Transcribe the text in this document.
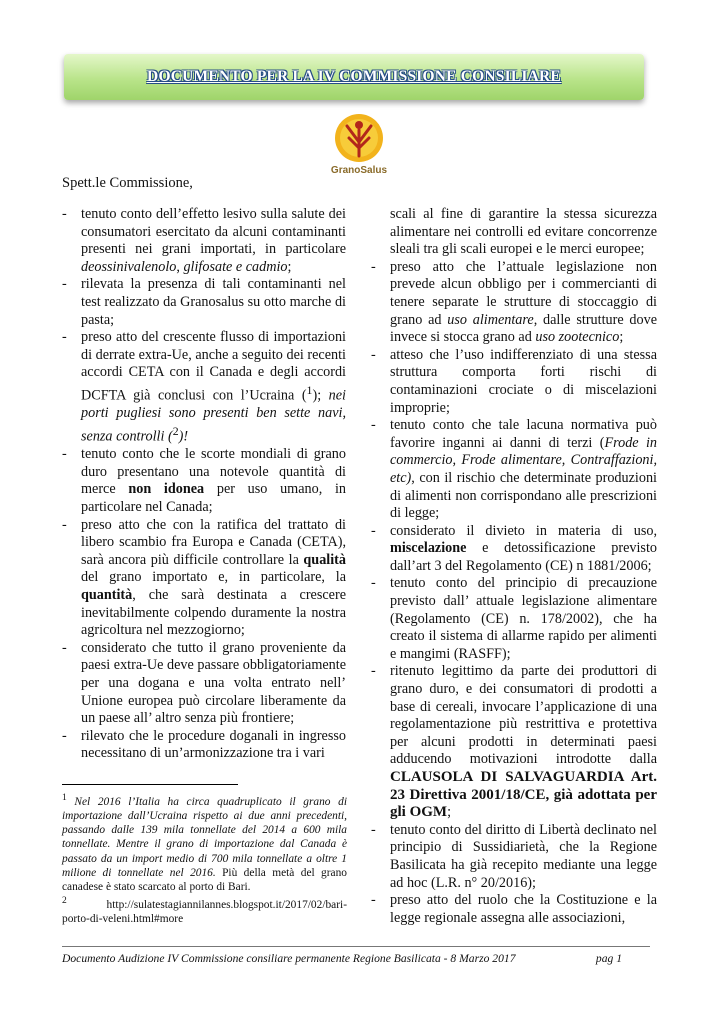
DOCUMENTO PER LA IV COMMISSIONE CONSILIARE
GranoSalus
Spett.le Commissione,
- tenuto conto dell’effetto lesivo sulla salute dei consumatori esercitato da alcuni contaminanti presenti nei grani importati, in particolare deossinivalenolo, glifosate e cadmio;
- rilevata la presenza di tali contaminanti nel test realizzato da Granosalus su otto marche di pasta;
- preso atto del crescente flusso di importazioni di derrate extra-Ue, anche a seguito dei recenti accordi CETA con il Canada e degli accordi DCFTA già conclusi con l’Ucraina ($^1$); nei porti pugliesi sono presenti ben sette navi, senza controlli ($^2$)!
- tenuto conto che le scorte mondiali di grano duro presentano una notevole quantità di merce non idonea per uso umano, in particolare nel Canada;
- preso atto che con la ratifica del trattato di libero scambio fra Europa e Canada (CETA), sarà ancora più difficile controllare la qualità del grano importato e, in particolare, la quantità, che sarà destinata a crescere inevitabilmente colpendo duramente la nostra agricoltura nel mezzogiorno;
- considerato che tutto il grano proveniente da paesi extra-Ue deve passare obbligatoriamente per una dogana e una volta entrato nell’ Unione europea può circolare liberamente da un paese all’ altro senza più frontiere;
- rilevato che le procedure doganali in ingresso necessitano di un’armonizzazione tra i vari
scali al fine di garantire la stessa sicurezza alimentare nei controlli ed evitare concorrenze sleali tra gli scali europei e le merci europee;
- preso atto che l’attuale legislazione non prevede alcun obbligo per i commercianti di tenere separate le strutture di stoccaggio di grano ad uso alimentare, dalle strutture dove invece si stocca grano ad uso zootecnico;
- atteso che l’uso indifferenziato di una stessa struttura comporta forti rischi di contaminazioni crociate o di miscelazioni improprie;
- tenuto conto che tale lacuna normativa può favorire inganni ai danni di terzi (Frode in commercio, Frode alimentare, Contraffazioni, etc), con il rischio che determinate produzioni di alimenti non corrispondano alle prescrizioni di legge;
- considerato il divieto in materia di uso, miscelazione e detossificazione previsto dall’art 3 del Regolamento (CE) n 1881/2006;
- tenuto conto del principio di precauzione previsto dall’ attuale legislazione alimentare (Regolamento (CE) n. 178/2002), che ha creato il sistema di allarme rapido per alimenti e mangimi (RASFF);
- ritenuto legittimo da parte dei produttori di grano duro, e dei consumatori di prodotti a base di cereali, invocare l’applicazione di una regolamentazione più restrittiva e protettiva per alcuni prodotti in determinati paesi adducendo motivazioni introdotte dalla CLAUSOLA DI SALVAGUARDIA Art. 23 Direttiva 2001/18/CE, già adottata per gli OGM;
- tenuto conto del diritto di Libertà declinato nel principio di Sussidiarietà, che la Regione Basilicata ha già recepito mediante una legge ad hoc (L.R. n° 20/2016);
- preso atto del ruolo che la Costituzione e la legge regionale assegna alle associazioni,

$^1$ Nel 2016 l’Italia ha circa quadruplicato il grano di importazione dall’Ucraina rispetto ai due anni precedenti, passando dalle 139 mila tonnellate del 2014 a 600 mila tonnellate. Mentre il grano di importazione dal Canada è passato da un import medio di 700 mila tonnellate a oltre 1 milione di tonnellate nel 2016. Più della metà del grano canadese è stato scarcato al porto di Bari.

$^2$	http://sulatestagiannilannes.blogspot.it/2017/02/bari-porto-di-veleni.html#more

Documento Audizione IV Commissione consiliare permanente Regione Basilicata - 8 Marzo 2017	pag 1
